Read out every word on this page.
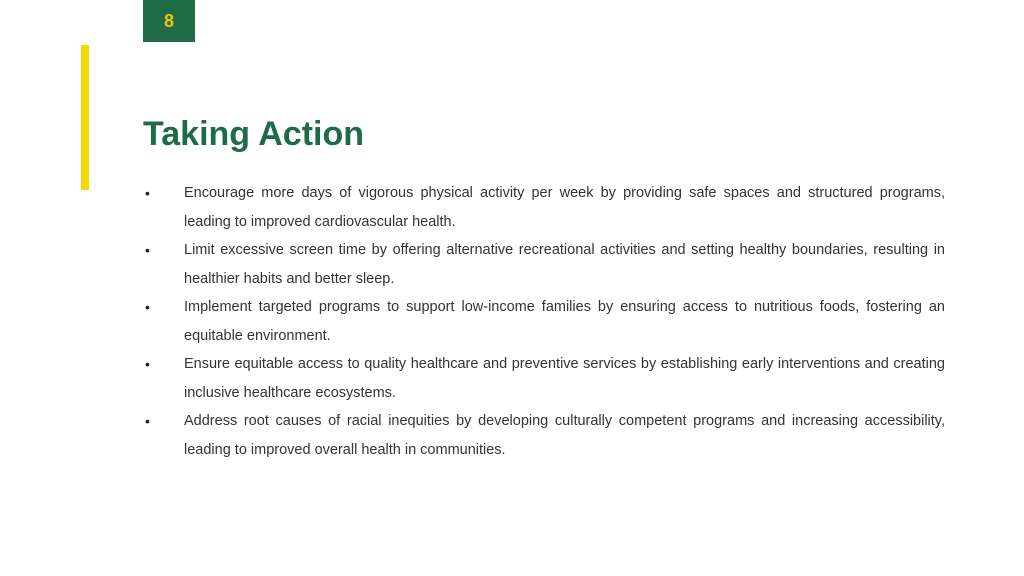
8
Taking Action
•	Encourage more days of vigorous physical activity per week by providing safe spaces and structured programs, leading to improved cardiovascular health.
•	Limit excessive screen time by offering alternative recreational activities and setting healthy boundaries, resulting in healthier habits and better sleep.
•	Implement targeted programs to support low-income families by ensuring access to nutritious foods, fostering an equitable environment.
•	Ensure equitable access to quality healthcare and preventive services by establishing early interventions and creating inclusive healthcare ecosystems.
•	Address root causes of racial inequities by developing culturally competent programs and increasing accessibility, leading to improved overall health in communities.
